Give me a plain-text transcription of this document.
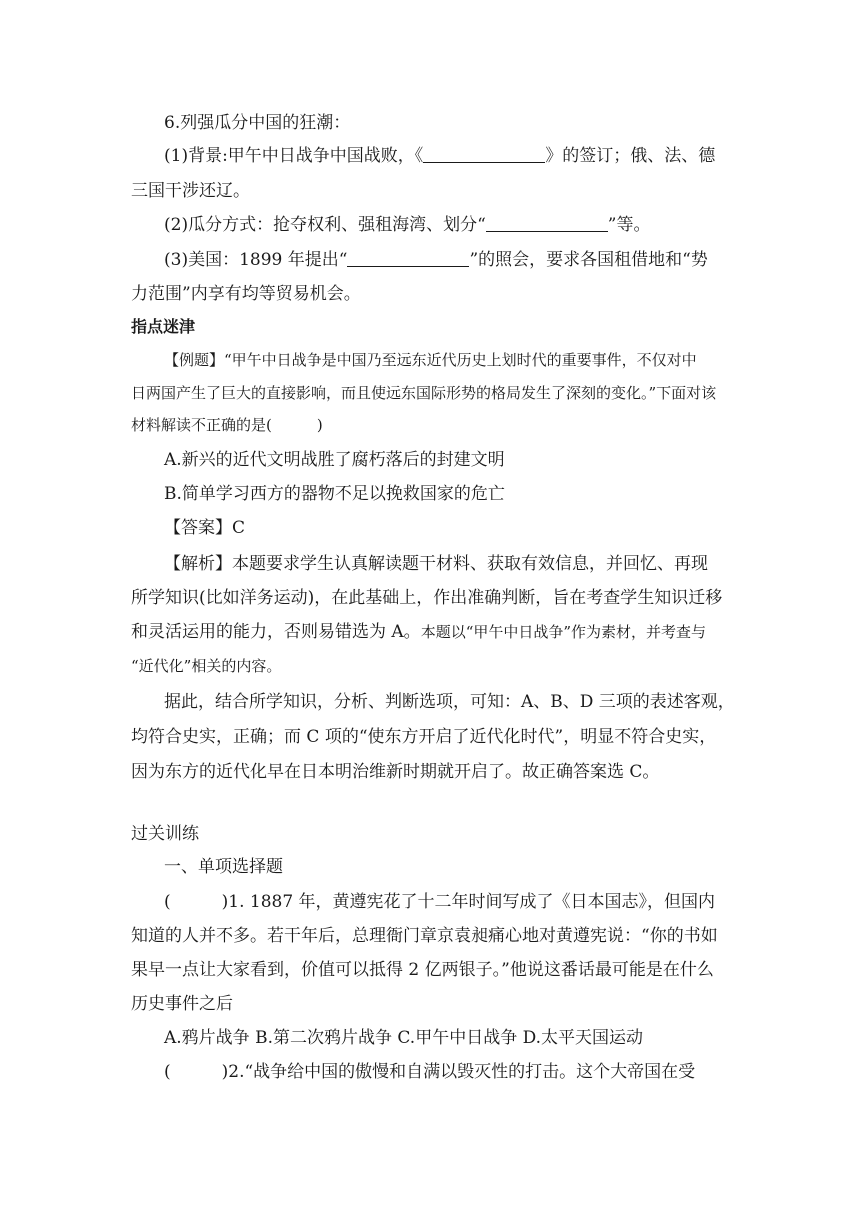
6.列强瓜分中国的狂潮：
(1)背景:甲午中日战争中国战败，《	》的签订；俄、法、德
三国干涉还辽。
(2)瓜分方式：抢夺权利、强租海湾、划分“	”等。
(3)美国：1899 年提出“	”的照会，要求各国租借地和“势
力范围”内享有均等贸易机会。
指点迷津
【例题】“甲午中日战争是中国乃至远东近代历史上划时代的重要事件，不仅对中
日两国产生了巨大的直接影响，而且使远东国际形势的格局发生了深刻的变化。”下面对该
材料解读不正确的是(　　　)
A.新兴的近代文明战胜了腐朽落后的封建文明
B.简单学习西方的器物不足以挽救国家的危亡
【答案】C
【解析】本题要求学生认真解读题干材料、获取有效信息，并回忆、再现
所学知识(比如洋务运动)，在此基础上，作出准确判断，旨在考查学生知识迁移
和灵活运用的能力，否则易错选为 A。本题以“甲午中日战争”作为素材，并考查与
“近代化”相关的内容。
据此，结合所学知识，分析、判断选项，可知：A、B、D 三项的表述客观，
均符合史实，正确；而 C 项的“使东方开启了近代化时代”，明显不符合史实，
因为东方的近代化早在日本明治维新时期就开启了。故正确答案选 C。
过关训练
一、单项选择题
(　　　)1. 1887 年，黄遵宪花了十二年时间写成了《日本国志》，但国内
知道的人并不多。若干年后，总理衙门章京袁昶痛心地对黄遵宪说：“你的书如
果早一点让大家看到，价值可以抵得 2 亿两银子。”他说这番话最可能是在什么
历史事件之后
A.鸦片战争 B.第二次鸦片战争 C.甲午中日战争 D.太平天国运动
(　　　)2.“战争给中国的傲慢和自满以毁灭性的打击。这个大帝国在受
